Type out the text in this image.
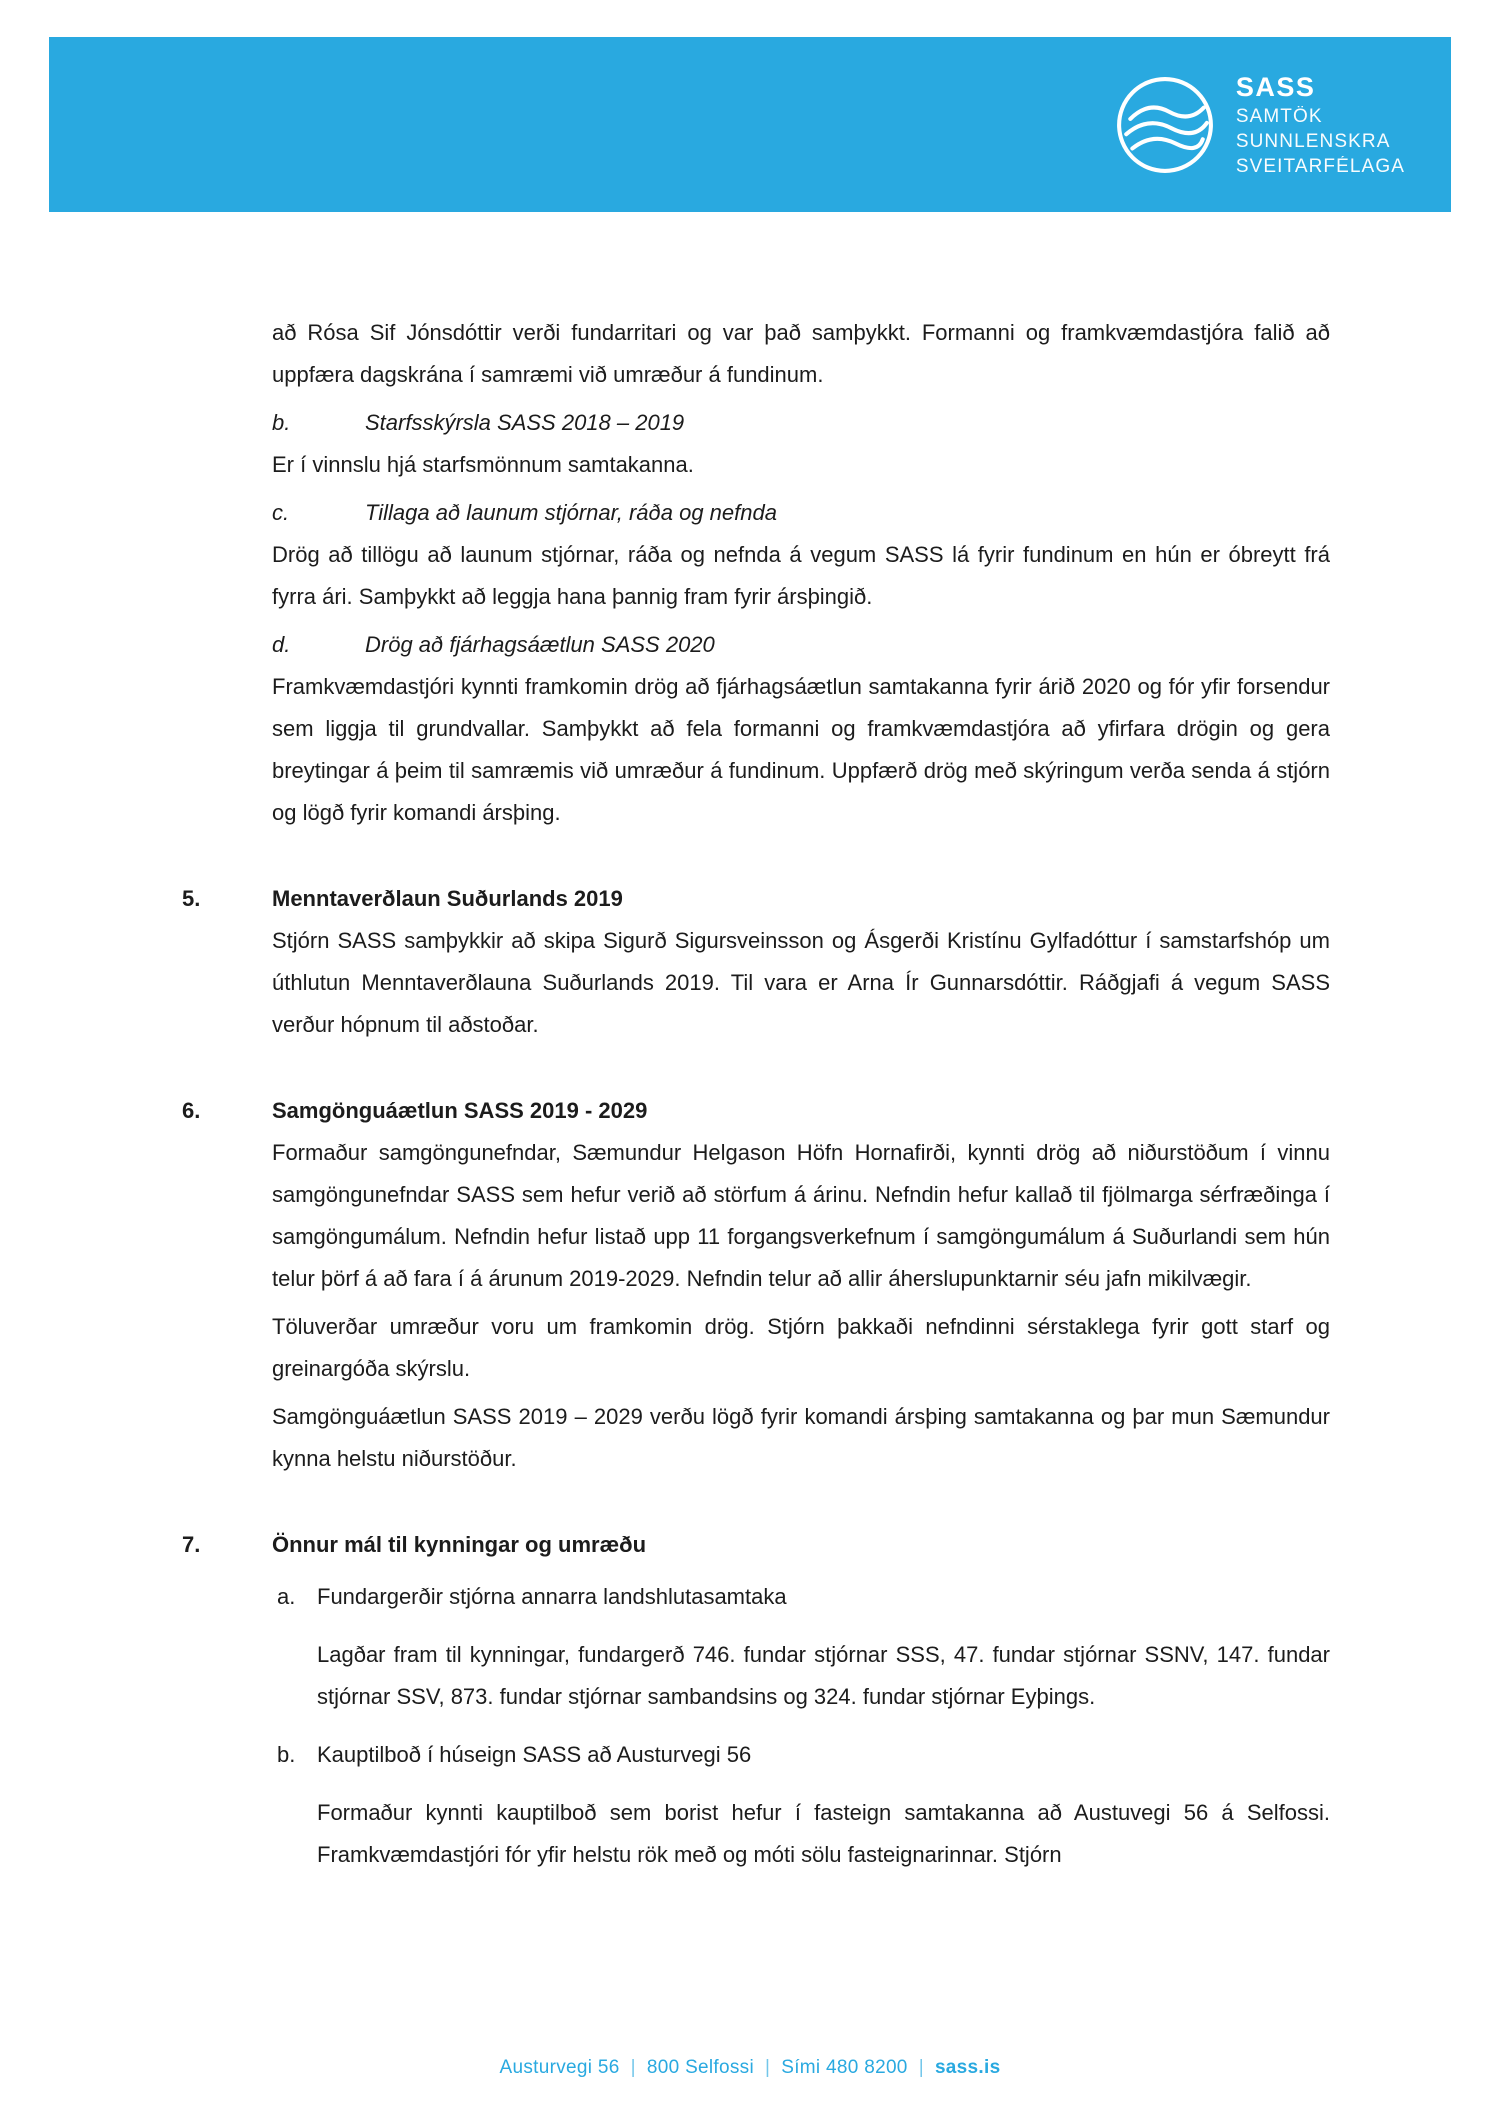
SASS
SAMTÖK
SUNNLENSKRA
SVEITARFÉLAGA

að Rósa Sif Jónsdóttir verði fundarritari og var það samþykkt. Formanni og framkvæmdastjóra falið að uppfæra dagskrána í samræmi við umræður á fundinum.

b.	Starfsskýrsla SASS 2018 – 2019

Er í vinnslu hjá starfsmönnum samtakanna.

c.	Tillaga að launum stjórnar, ráða og nefnda

Drög að tillögu að launum stjórnar, ráða og nefnda á vegum SASS lá fyrir fundinum en hún er óbreytt frá fyrra ári. Samþykkt að leggja hana þannig fram fyrir ársþingið.

d.	Drög að fjárhagsáætlun SASS 2020

Framkvæmdastjóri kynnti framkomin drög að fjárhagsáætlun samtakanna fyrir árið 2020 og fór yfir forsendur sem liggja til grundvallar. Samþykkt að fela formanni og framkvæmdastjóra að yfirfara drögin og gera breytingar á þeim til samræmis við umræður á fundinum. Uppfærð drög með skýringum verða senda á stjórn og lögð fyrir komandi ársþing.

5.	Menntaverðlaun Suðurlands 2019

Stjórn SASS samþykkir að skipa Sigurð Sigursveinsson og Ásgerði Kristínu Gylfadóttur í samstarfshóp um úthlutun Menntaverðlauna Suðurlands 2019. Til vara er Arna Ír Gunnarsdóttir. Ráðgjafi á vegum SASS verður hópnum til aðstoðar.

6.	Samgönguáætlun SASS 2019 - 2029

Formaður samgöngunefndar, Sæmundur Helgason Höfn Hornafirði, kynnti drög að niðurstöðum í vinnu samgöngunefndar SASS sem hefur verið að störfum á árinu. Nefndin hefur kallað til fjölmarga sérfræðinga í samgöngumálum. Nefndin hefur listað upp 11 forgangsverkefnum í samgöngumálum á Suðurlandi sem hún telur þörf á að fara í á árunum 2019-2029. Nefndin telur að allir áherslupunktarnir séu jafn mikilvægir.

Töluverðar umræður voru um framkomin drög. Stjórn þakkaði nefndinni sérstaklega fyrir gott starf og greinargóða skýrslu.

Samgönguáætlun SASS 2019 – 2029 verðu lögð fyrir komandi ársþing samtakanna og þar mun Sæmundur kynna helstu niðurstöður.

7.	Önnur mál til kynningar og umræðu
a. Fundargerðir stjórna annarra landshlutasamtaka

Lagðar fram til kynningar, fundargerð 746. fundar stjórnar SSS, 47. fundar stjórnar SSNV, 147. fundar stjórnar SSV, 873. fundar stjórnar sambandsins og 324. fundar stjórnar Eyþings.

b. Kauptilboð í húseign SASS að Austurvegi 56

Formaður kynnti kauptilboð sem borist hefur í fasteign samtakanna að Austuvegi 56 á Selfossi. Framkvæmdastjóri fór yfir helstu rök með og móti sölu fasteignarinnar. Stjórn

Austurvegi 56 | 800 Selfossi | Sími 480 8200 | sass.is
